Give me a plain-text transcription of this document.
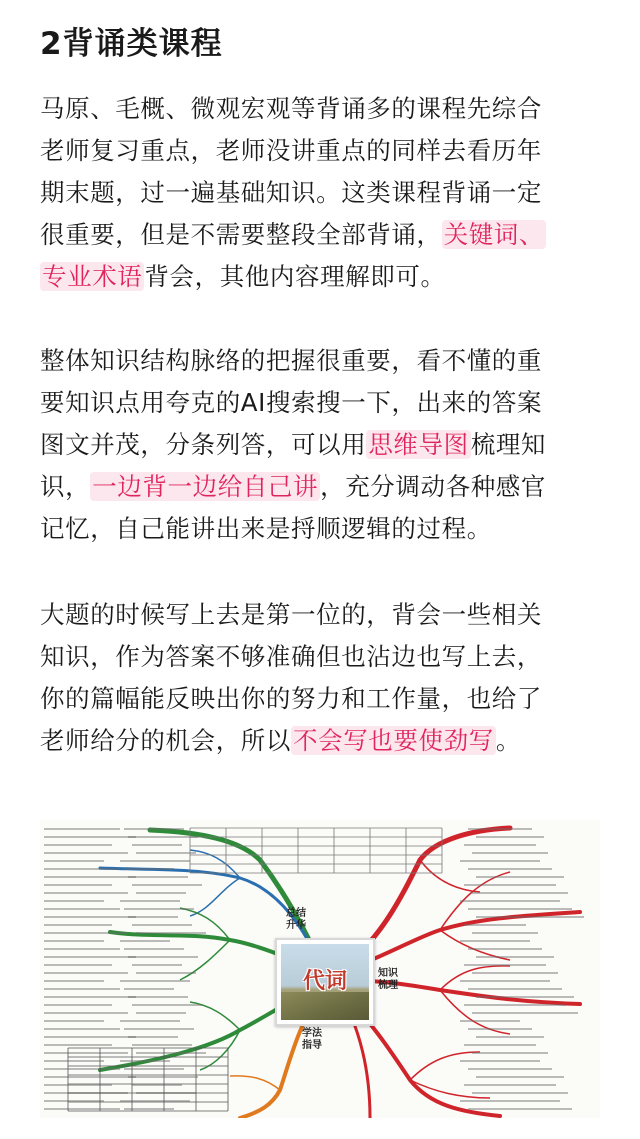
2背诵类课程
马原、毛概、微观宏观等背诵多的课程先综合
老师复习重点，老师没讲重点的同样去看历年
期末题，过一遍基础知识。这类课程背诵一定
很重要，但是不需要整段全部背诵，关键词、
专业术语背会，其他内容理解即可。
整体知识结构脉络的把握很重要，看不懂的重
要知识点用夸克的AI搜索搜一下，出来的答案
图文并茂，分条列答，可以用思维导图梳理知
识，一边背一边给自己讲，充分调动各种感官
记忆，自己能讲出来是捋顺逻辑的过程。
大题的时候写上去是第一位的，背会一些相关
知识，作为答案不够准确但也沾边也写上去，
你的篇幅能反映出你的努力和工作量，也给了
老师给分的机会，所以不会写也要使劲写。
代词
总结
升华
知识
梳理
学法
指导
